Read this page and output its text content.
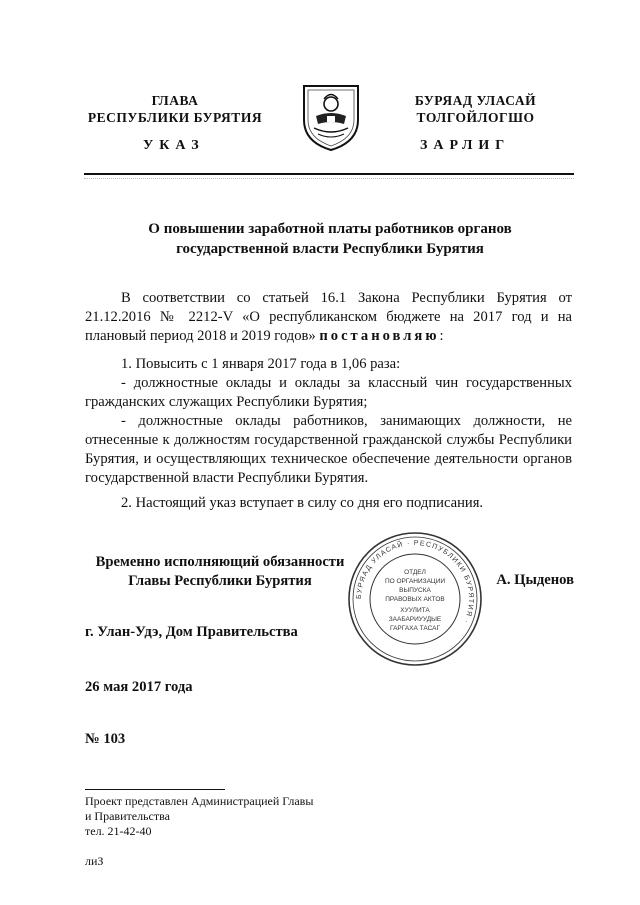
ГЛАВА
РЕСПУБЛИКИ БУРЯТИЯ
БУРЯАД УЛАСАЙ
ТОЛГОЙЛОГШО
УКАЗ	ЗАРЛИГ
О повышении заработной платы работников органов
государственной власти Республики Бурятия
В соответствии со статьей 16.1 Закона Республики Бурятия от 21.12.2016 № 2212-V «О республиканском бюджете на 2017 год и на плановый период 2018 и 2019 годов» постановляю:
1. Повысить с 1 января 2017 года в 1,06 раза:
- должностные оклады и оклады за классный чин государственных гражданских служащих Республики Бурятия;
- должностные оклады работников, занимающих должности, не отнесенные к должностям государственной гражданской службы Республики Бурятия, и осуществляющих техническое обеспечение деятельности органов государственной власти Республики Бурятия.
2. Настоящий указ вступает в силу со дня его подписания.
Временно исполняющий обязанности
Главы Республики Бурятия
БУРЯАД УЛАСАЙ · РЕСПУБЛИКИ БУРЯТИЯ ·
ОТДЕЛ
ПО ОРГАНИЗАЦИИ
ВЫПУСКА
ПРАВОВЫХ АКТОВ
ХУУЛИТА
ЗААБАРИУУДЫЕ
ГАРГАХА ТАСАГ
А. Цыденов
г. Улан-Удэ, Дом Правительства
26 мая 2017 года
№ 103
Проект представлен Администрацией Главы
и Правительства
тел. 21-42-40
лиЗ
